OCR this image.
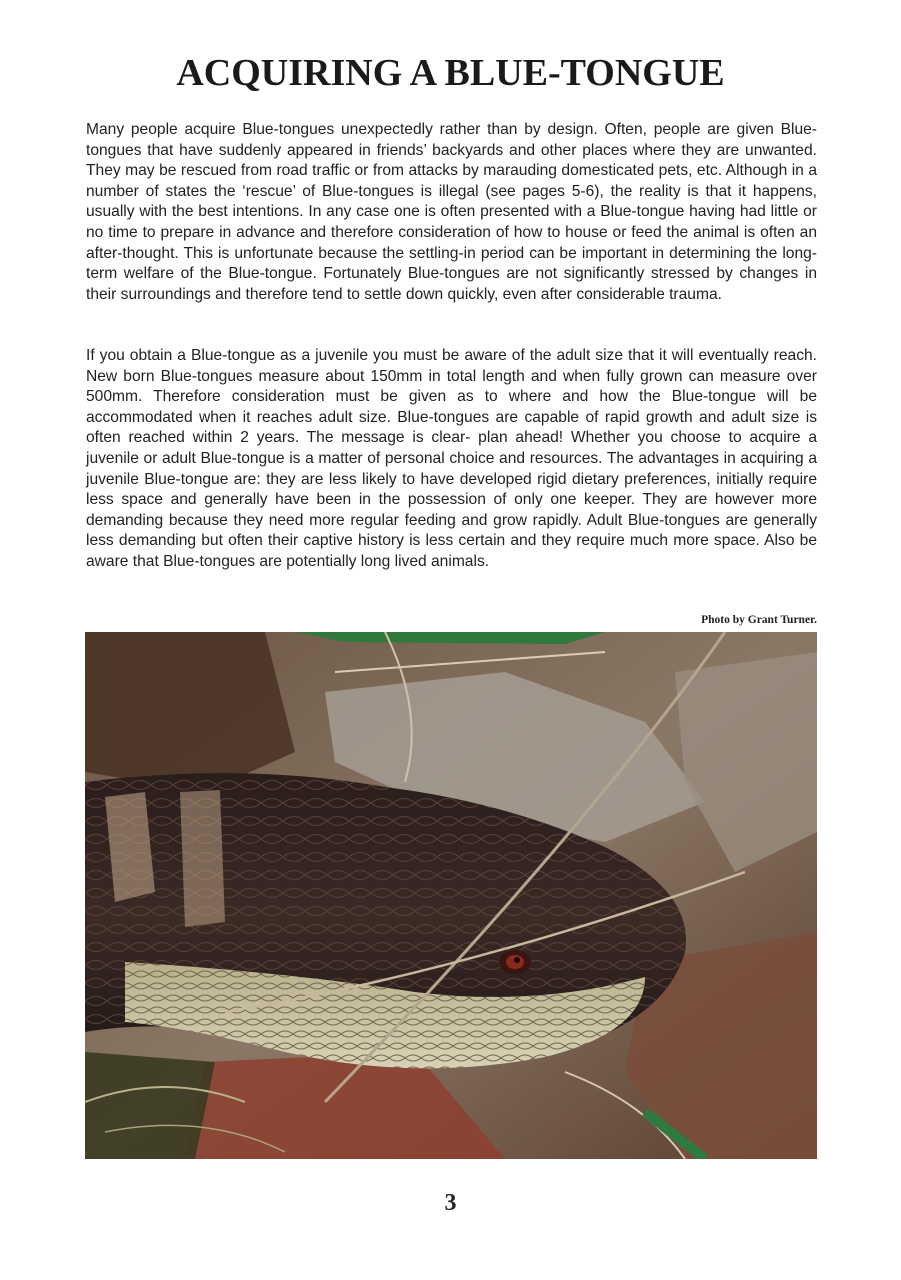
ACQUIRING A BLUE-TONGUE

Many people acquire Blue-tongues unexpectedly rather than by design. Often, people are given Blue-tongues that have suddenly appeared in friends’ backyards and other places where they are unwanted. They may be rescued from road traffic or from attacks by marauding domesticated pets, etc. Although in a number of states the ‘rescue’ of Blue-tongues is illegal (see pages 5-6), the reality is that it happens, usually with the best intentions. In any case one is often presented with a Blue-tongue having had little or no time to prepare in advance and therefore consideration of how to house or feed the animal is often an after-thought. This is unfortunate because the settling-in period can be important in determining the long-term welfare of the Blue-tongue. Fortunately Blue-tongues are not significantly stressed by changes in their surroundings and therefore tend to settle down quickly, even after considerable trauma.

If you obtain a Blue-tongue as a juvenile you must be aware of the adult size that it will eventually reach. New born Blue-tongues measure about 150mm in total length and when fully grown can measure over 500mm. Therefore consideration must be given as to where and how the Blue-tongue will be accommodated when it reaches adult size. Blue-tongues are capable of rapid growth and adult size is often reached within 2 years. The message is clear- plan ahead! Whether you choose to acquire a juvenile or adult Blue-tongue is a matter of personal choice and resources. The advantages in acquiring a juvenile Blue-tongue are: they are less likely to have developed rigid dietary preferences, initially require less space and generally have been in the possession of only one keeper. They are however more demanding because they need more regular feeding and grow rapidly. Adult Blue-tongues are generally less demanding but often their captive history is less certain and they require much more space. Also be aware that Blue-tongues are potentially long lived animals.

Photo by Grant Turner.
3
